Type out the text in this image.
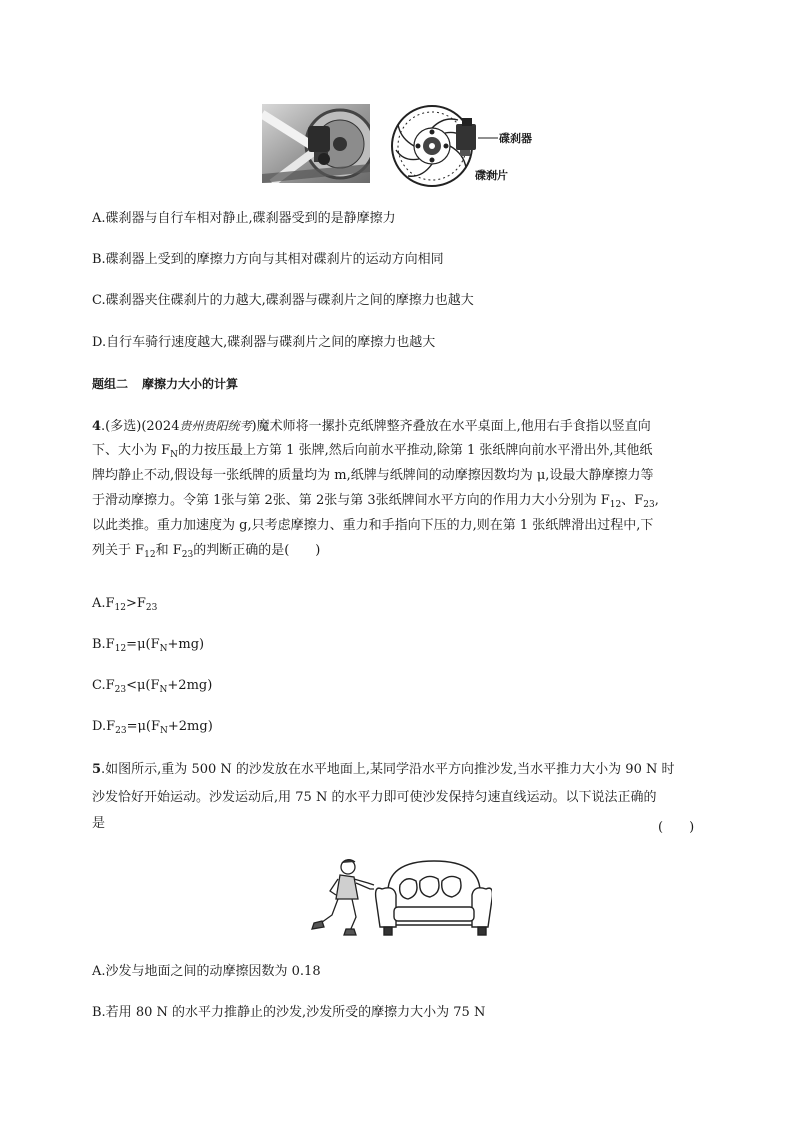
碟刹器
碟刹片
A.碟刹器与自行车相对静止,碟刹器受到的是静摩擦力
B.碟刹器上受到的摩擦力方向与其相对碟刹片的运动方向相同
C.碟刹器夹住碟刹片的力越大,碟刹器与碟刹片之间的摩擦力也越大
D.自行车骑行速度越大,碟刹器与碟刹片之间的摩擦力也越大
题组二 摩擦力大小的计算
4.(多选)(2024贵州贵阳统考)魔术师将一摞扑克纸牌整齐叠放在水平桌面上,他用右手食指以竖直向
下、大小为 $F_N$的力按压最上方第 1 张牌,然后向前水平推动,除第 1 张纸牌向前水平滑出外,其他纸
牌均静止不动,假设每一张纸牌的质量均为 m,纸牌与纸牌间的动摩擦因数均为 μ,设最大静摩擦力等
于滑动摩擦力。令第 1张与第 2张、第 2张与第 3张纸牌间水平方向的作用力大小分别为 $F_{12}$、$F_{23}$,
以此类推。重力加速度为 g,只考虑摩擦力、重力和手指向下压的力,则在第 1 张纸牌滑出过程中,下
列关于 $F_{12}$和 $F_{23}$的判断正确的是(　　)
$A.F_{12}>F_{23}$
$B.F_{12}=\mu(F_N+mg)$
$C.F_{23}<\mu(F_N+2mg)$
$D.F_{23}=\mu(F_N+2mg)$
5.如图所示,重为 500 N 的沙发放在水平地面上,某同学沿水平方向推沙发,当水平推力大小为 90 N 时
沙发恰好开始运动。沙发运动后,用 75 N 的水平力即可使沙发保持匀速直线运动。以下说法正确的
是	(　　)
A.沙发与地面之间的动摩擦因数为 0.18
B.若用 80 N 的水平力推静止的沙发,沙发所受的摩擦力大小为 75 N
